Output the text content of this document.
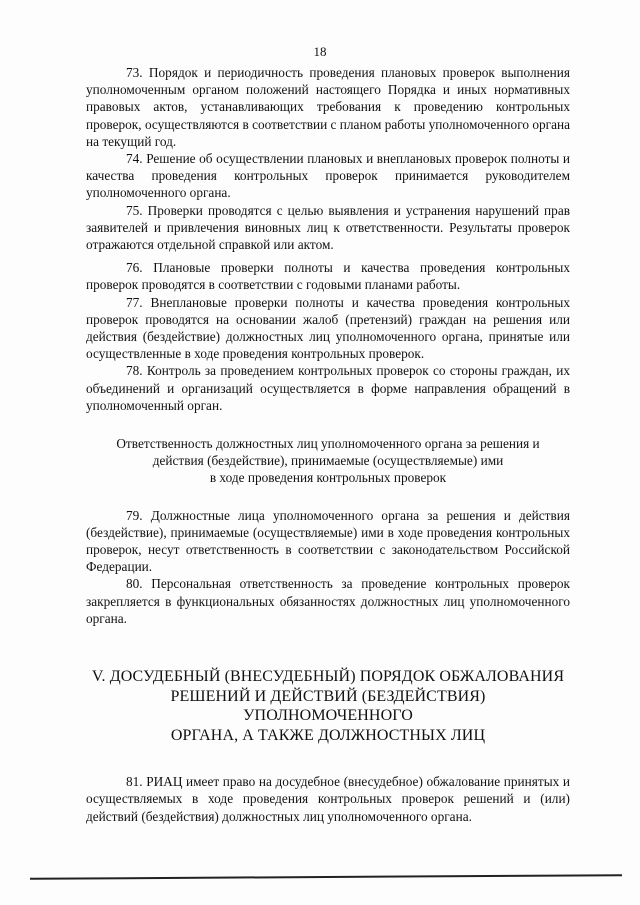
18

73. Порядок и периодичность проведения плановых проверок выполнения уполномоченным органом положений настоящего Порядка и иных нормативных правовых актов, устанавливающих требования к проведению контрольных проверок, осуществляются в соответствии с планом работы уполномоченного органа на текущий год.

74. Решение об осуществлении плановых и внеплановых проверок полноты и качества проведения контрольных проверок принимается руководителем уполномоченного органа.

75. Проверки проводятся с целью выявления и устранения нарушений прав заявителей и привлечения виновных лиц к ответственности. Результаты проверок отражаются отдельной справкой или актом.

76. Плановые проверки полноты и качества проведения контрольных проверок проводятся в соответствии с годовыми планами работы.

77. Внеплановые проверки полноты и качества проведения контрольных проверок проводятся на основании жалоб (претензий) граждан на решения или действия (бездействие) должностных лиц уполномоченного органа, принятые или осуществленные в ходе проведения контрольных проверок.

78. Контроль за проведением контрольных проверок со стороны граждан, их объединений и организаций осуществляется в форме направления обращений в уполномоченный орган.

Ответственность должностных лиц уполномоченного органа за решения и
действия (бездействие), принимаемые (осуществляемые) ими
в ходе проведения контрольных проверок

79. Должностные лица уполномоченного органа за решения и действия (бездействие), принимаемые (осуществляемые) ими в ходе проведения контрольных проверок, несут ответственность в соответствии с законодательством Российской Федерации.

80. Персональная ответственность за проведение контрольных проверок закрепляется в функциональных обязанностях должностных лиц уполномоченного органа.

V. ДОСУДЕБНЫЙ (ВНЕСУДЕБНЫЙ) ПОРЯДОК ОБЖАЛОВАНИЯ
РЕШЕНИЙ И ДЕЙСТВИЙ (БЕЗДЕЙСТВИЯ) УПОЛНОМОЧЕННОГО
ОРГАНА, А ТАКЖЕ ДОЛЖНОСТНЫХ ЛИЦ

81. РИАЦ имеет право на досудебное (внесудебное) обжалование принятых и осуществляемых в ходе проведения контрольных проверок решений и (или) действий (бездействия) должностных лиц уполномоченного органа.
